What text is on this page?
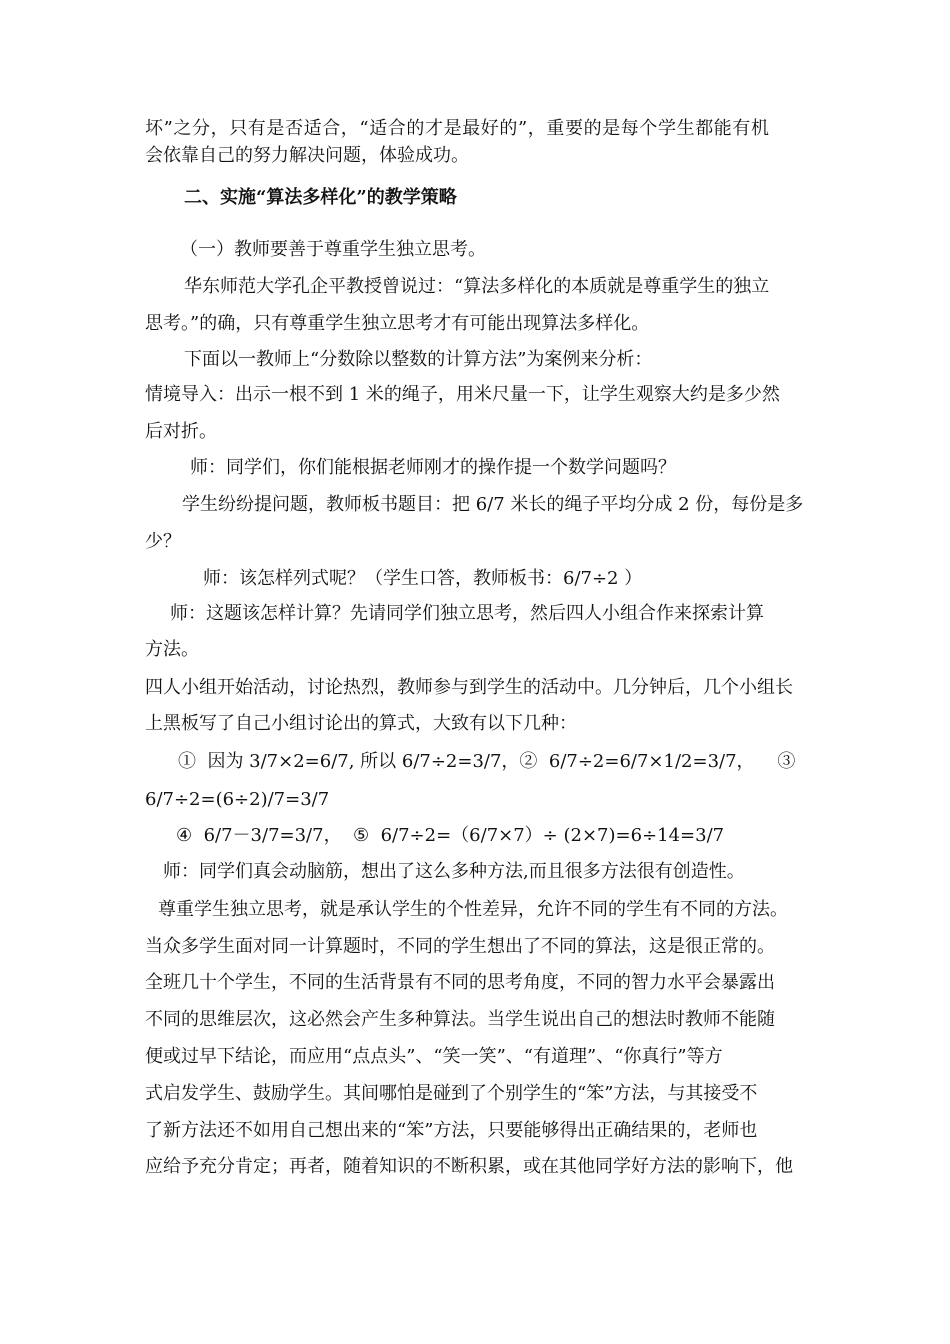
坏”之分，只有是否适合，“适合的才是最好的”，重要的是每个学生都能有机
会依靠自己的努力解决问题，体验成功。
二、实施“算法多样化”的教学策略
（一）教师要善于尊重学生独立思考。
华东师范大学孔企平教授曾说过：“算法多样化的本质就是尊重学生的独立
思考。”的确，只有尊重学生独立思考才有可能出现算法多样化。
下面以一教师上“分数除以整数的计算方法”为案例来分析：
情境导入：出示一根不到 1 米的绳子，用米尺量一下，让学生观察大约是多少然
后对折。
师：同学们，你们能根据老师刚才的操作提一个数学问题吗？
学生纷纷提问题，教师板书题目：把 6/7 米长的绳子平均分成 2 份，每份是多
少？
师：该怎样列式呢？（学生口答，教师板书：6/7÷2 ）
师：这题该怎样计算？先请同学们独立思考，然后四人小组合作来探索计算
方法。
四人小组开始活动，讨论热烈，教师参与到学生的活动中。几分钟后，几个小组长
上黑板写了自己小组讨论出的算式，大致有以下几种：
①  因为 3/7×2=6/7, 所以 6/7÷2=3/7，②  6/7÷2=6/7×1/2=3/7，    ③
6/7÷2=(6÷2)/7=3/7
④  6/7－3/7=3/7，  ⑤  6/7÷2=（6/7×7）÷ (2×7)=6÷14=3/7
师：同学们真会动脑筋，想出了这么多种方法,而且很多方法很有创造性。
尊重学生独立思考，就是承认学生的个性差异，允许不同的学生有不同的方法。
当众多学生面对同一计算题时，不同的学生想出了不同的算法，这是很正常的。
全班几十个学生，不同的生活背景有不同的思考角度，不同的智力水平会暴露出
不同的思维层次，这必然会产生多种算法。当学生说出自己的想法时教师不能随
便或过早下结论，而应用“点点头”、“笑一笑”、“有道理”、“你真行”等方
式启发学生、鼓励学生。其间哪怕是碰到了个别学生的“笨”方法，与其接受不
了新方法还不如用自己想出来的“笨”方法，只要能够得出正确结果的，老师也
应给予充分肯定；再者，随着知识的不断积累，或在其他同学好方法的影响下，他
